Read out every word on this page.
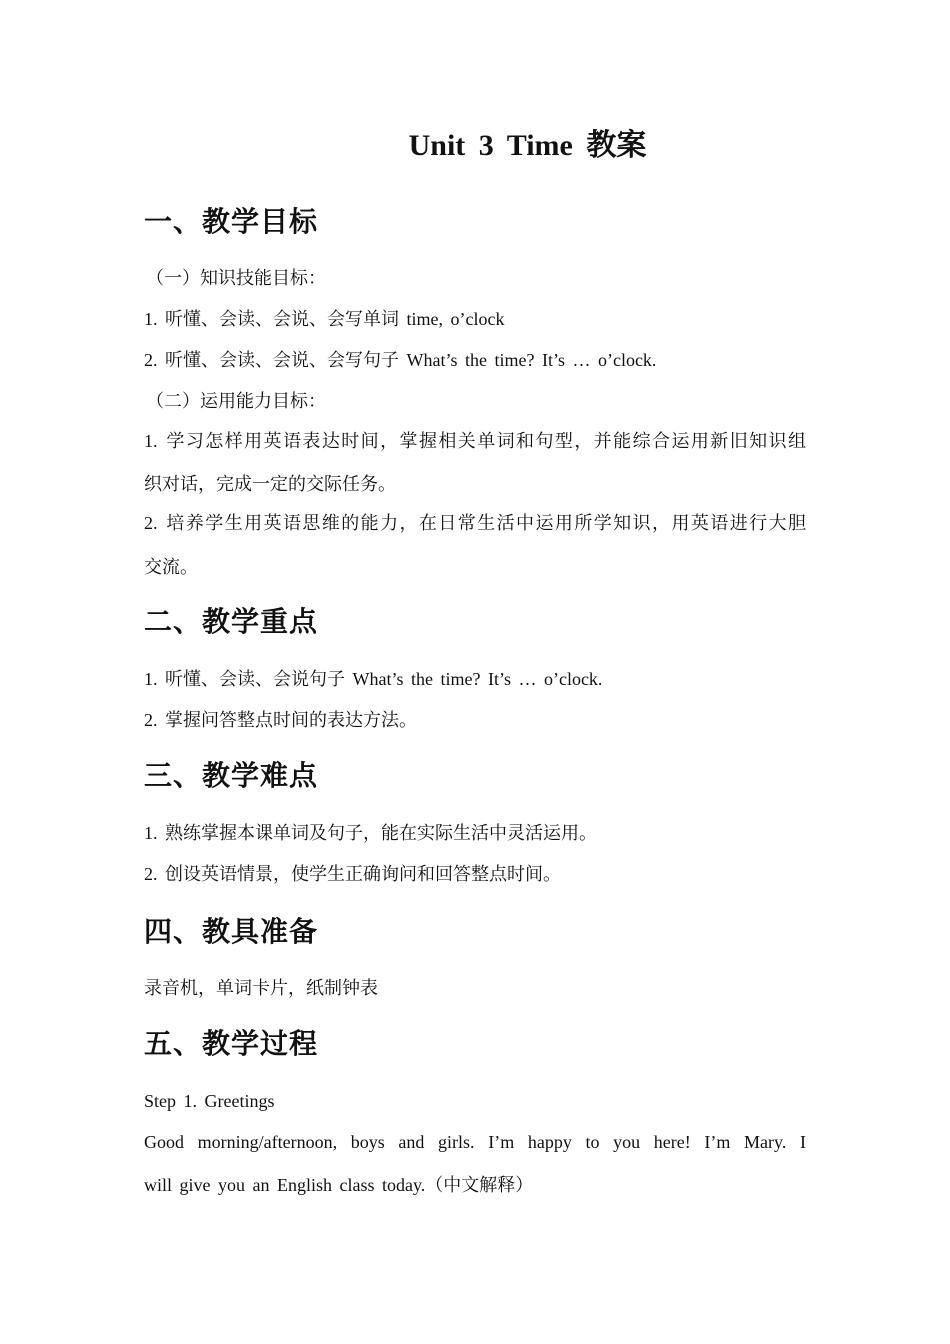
Unit 3 Time 教案
一、教学目标
（一）知识技能目标：
1. 听懂、会读、会说、会写单词 time, o’clock
2. 听懂、会读、会说、会写句子 What’s the time? It’s … o’clock.
（二）运用能力目标：
1. 学习怎样用英语表达时间，掌握相关单词和句型，并能综合运用新旧知识组
织对话，完成一定的交际任务。
2. 培养学生用英语思维的能力，在日常生活中运用所学知识，用英语进行大胆
交流。
二、教学重点
1. 听懂、会读、会说句子 What’s the time? It’s … o’clock.
2. 掌握问答整点时间的表达方法。
三、教学难点
1. 熟练掌握本课单词及句子，能在实际生活中灵活运用。
2. 创设英语情景，使学生正确询问和回答整点时间。
四、教具准备
录音机，单词卡片，纸制钟表
五、教学过程
Step 1. Greetings
Good morning/afternoon, boys and girls. I’m happy to you here! I’m Mary. I
will give you an English class today.（中文解释）
